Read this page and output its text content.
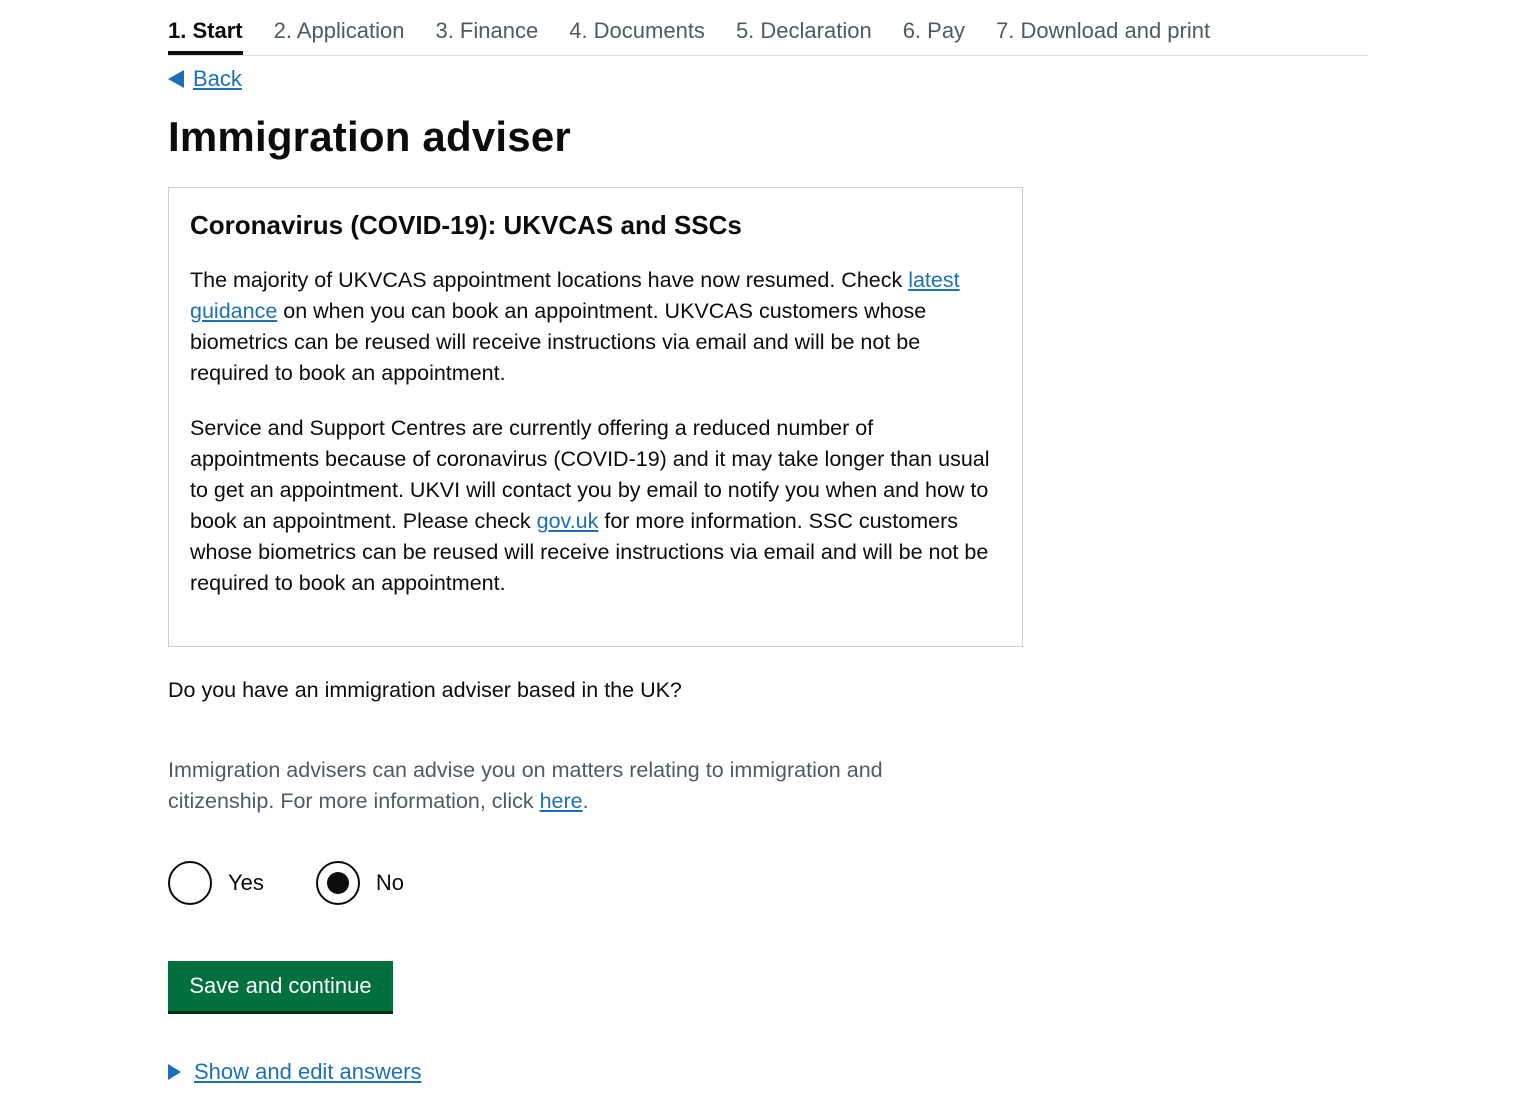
1. Start 2. Application 3. Finance 4. Documents 5. Declaration 6. Pay 7. Download and print
Back
Immigration adviser
Coronavirus (COVID-19): UKVCAS and SSCs

The majority of UKVCAS appointment locations have now resumed. Check latest guidance on when you can book an appointment. UKVCAS customers whose biometrics can be reused will receive instructions via email and will be not be required to book an appointment.

Service and Support Centres are currently offering a reduced number of appointments because of coronavirus (COVID-19) and it may take longer than usual to get an appointment. UKVI will contact you by email to notify you when and how to book an appointment. Please check gov.uk for more information. SSC customers whose biometrics can be reused will receive instructions via email and will be not be required to book an appointment.

Do you have an immigration adviser based in the UK?
Immigration advisers can advise you on matters relating to immigration and citizenship. For more information, click here.
Yes	No
Save and continue
Show and edit answers
